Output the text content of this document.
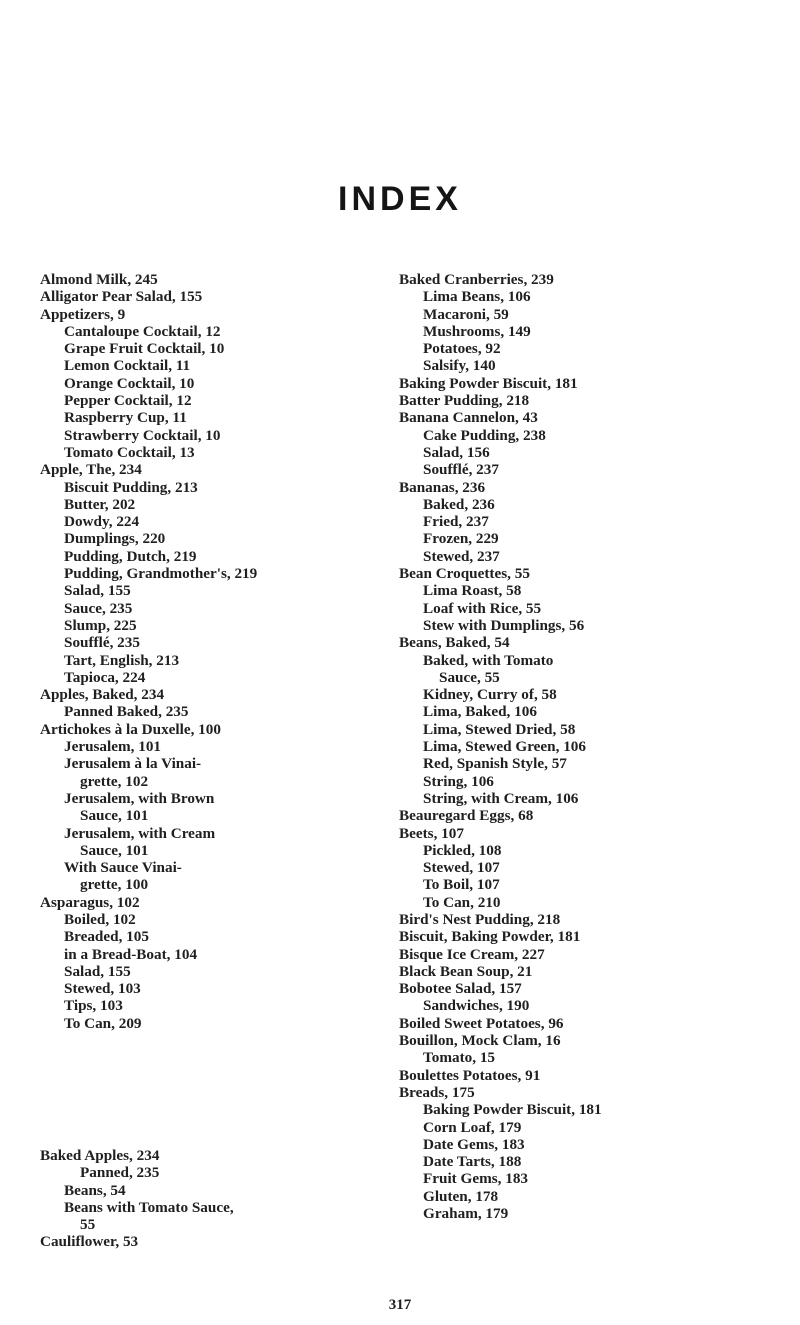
INDEX
Almond Milk, 245
Alligator Pear Salad, 155
Appetizers, 9
Cantaloupe Cocktail, 12
Grape Fruit Cocktail, 10
Lemon Cocktail, 11
Orange Cocktail, 10
Pepper Cocktail, 12
Raspberry Cup, 11
Strawberry Cocktail, 10
Tomato Cocktail, 13
Apple, The, 234
Biscuit Pudding, 213
Butter, 202
Dowdy, 224
Dumplings, 220
Pudding, Dutch, 219
Pudding, Grandmother's, 219
Salad, 155
Sauce, 235
Slump, 225
Soufflé, 235
Tart, English, 213
Tapioca, 224
Apples, Baked, 234
Panned Baked, 235
Artichokes à la Duxelle, 100
Jerusalem, 101
Jerusalem à la Vinai-
grette, 102
Jerusalem, with Brown
Sauce, 101
Jerusalem, with Cream
Sauce, 101
With Sauce Vinai-
grette, 100
Asparagus, 102
Boiled, 102
Breaded, 105
in a Bread-Boat, 104
Salad, 155
Stewed, 103
Tips, 103
To Can, 209
Baked Apples, 234
Panned, 235
Beans, 54
Beans with Tomato Sauce,
55
Cauliflower, 53
Baked Cranberries, 239
Lima Beans, 106
Macaroni, 59
Mushrooms, 149
Potatoes, 92
Salsify, 140
Baking Powder Biscuit, 181
Batter Pudding, 218
Banana Cannelon, 43
Cake Pudding, 238
Salad, 156
Soufflé, 237
Bananas, 236
Baked, 236
Fried, 237
Frozen, 229
Stewed, 237
Bean Croquettes, 55
Lima Roast, 58
Loaf with Rice, 55
Stew with Dumplings, 56
Beans, Baked, 54
Baked, with Tomato
Sauce, 55
Kidney, Curry of, 58
Lima, Baked, 106
Lima, Stewed Dried, 58
Lima, Stewed Green, 106
Red, Spanish Style, 57
String, 106
String, with Cream, 106
Beauregard Eggs, 68
Beets, 107
Pickled, 108
Stewed, 107
To Boil, 107
To Can, 210
Bird's Nest Pudding, 218
Biscuit, Baking Powder, 181
Bisque Ice Cream, 227
Black Bean Soup, 21
Bobotee Salad, 157
Sandwiches, 190
Boiled Sweet Potatoes, 96
Bouillon, Mock Clam, 16
Tomato, 15
Boulettes Potatoes, 91
Breads, 175
Baking Powder Biscuit, 181
Corn Loaf, 179
Date Gems, 183
Date Tarts, 188
Fruit Gems, 183
Gluten, 178
Graham, 179
317
